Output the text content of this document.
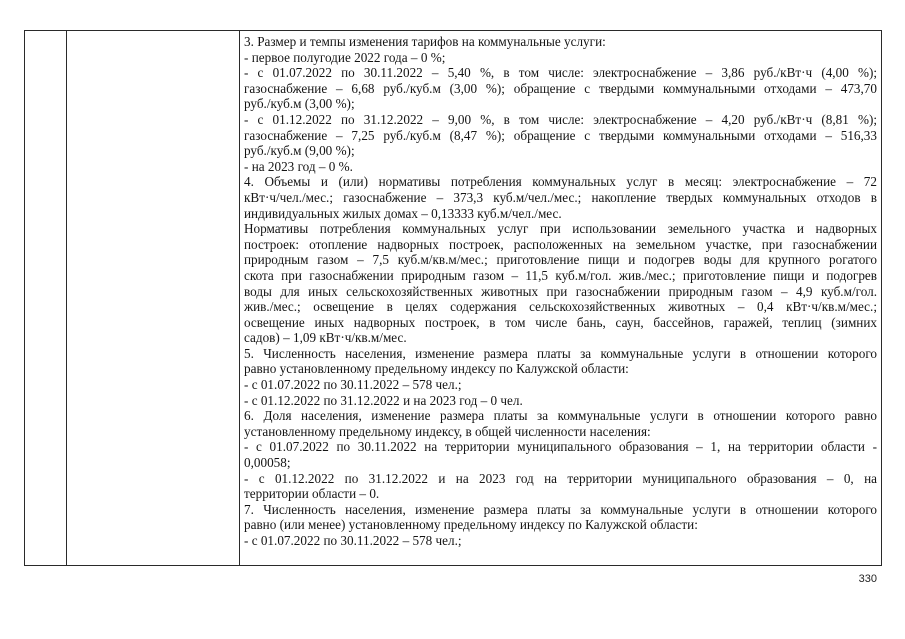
3. Размер и темпы изменения тарифов на коммунальные услуги:
- первое полугодие 2022 года – 0 %;
- с 01.07.2022 по 30.11.2022 – 5,40 %, в том числе: электроснабжение – 3,86 руб./кВт·ч (4,00 %);
газоснабжение – 6,68 руб./куб.м (3,00 %); обращение с твердыми коммунальными отходами – 473,70
руб./куб.м (3,00 %);
- с 01.12.2022 по 31.12.2022 – 9,00 %, в том числе: электроснабжение – 4,20 руб./кВт·ч (8,81 %);
газоснабжение – 7,25 руб./куб.м (8,47 %); обращение с твердыми коммунальными отходами – 516,33
руб./куб.м (9,00 %);
- на 2023 год – 0 %.
4. Объемы и (или) нормативы потребления коммунальных услуг в месяц: электроснабжение – 72
кВт·ч/чел./мес.; газоснабжение – 373,3 куб.м/чел./мес.; накопление твердых коммунальных отходов в
индивидуальных жилых домах – 0,13333 куб.м/чел./мес.
Нормативы потребления коммунальных услуг при использовании земельного участка и надворных
построек: отопление надворных построек, расположенных на земельном участке, при газоснабжении
природным газом – 7,5 куб.м/кв.м/мес.; приготовление пищи и подогрев воды для крупного рогатого
скота при газоснабжении природным газом – 11,5 куб.м/гол. жив./мес.; приготовление пищи и подогрев
воды для иных сельскохозяйственных животных при газоснабжении природным газом – 4,9 куб.м/гол.
жив./мес.; освещение в целях содержания сельскохозяйственных животных – 0,4 кВт·ч/кв.м/мес.;
освещение иных надворных построек, в том числе бань, саун, бассейнов, гаражей, теплиц (зимних
садов) – 1,09 кВт·ч/кв.м/мес.
5. Численность населения, изменение размера платы за коммунальные услуги в отношении которого
равно установленному предельному индексу по Калужской области:
- с 01.07.2022 по 30.11.2022 – 578 чел.;
- с 01.12.2022 по 31.12.2022 и на 2023 год – 0 чел.
6. Доля населения, изменение размера платы за коммунальные услуги в отношении которого равно
установленному предельному индексу, в общей численности населения:
- с 01.07.2022 по 30.11.2022 на территории муниципального образования – 1, на территории области -
0,00058;
- с 01.12.2022 по 31.12.2022 и на 2023 год на территории муниципального образования – 0, на
территории области – 0.
7. Численность населения, изменение размера платы за коммунальные услуги в отношении которого
равно (или менее) установленному предельному индексу по Калужской области:
- с 01.07.2022 по 30.11.2022 – 578 чел.;
330
